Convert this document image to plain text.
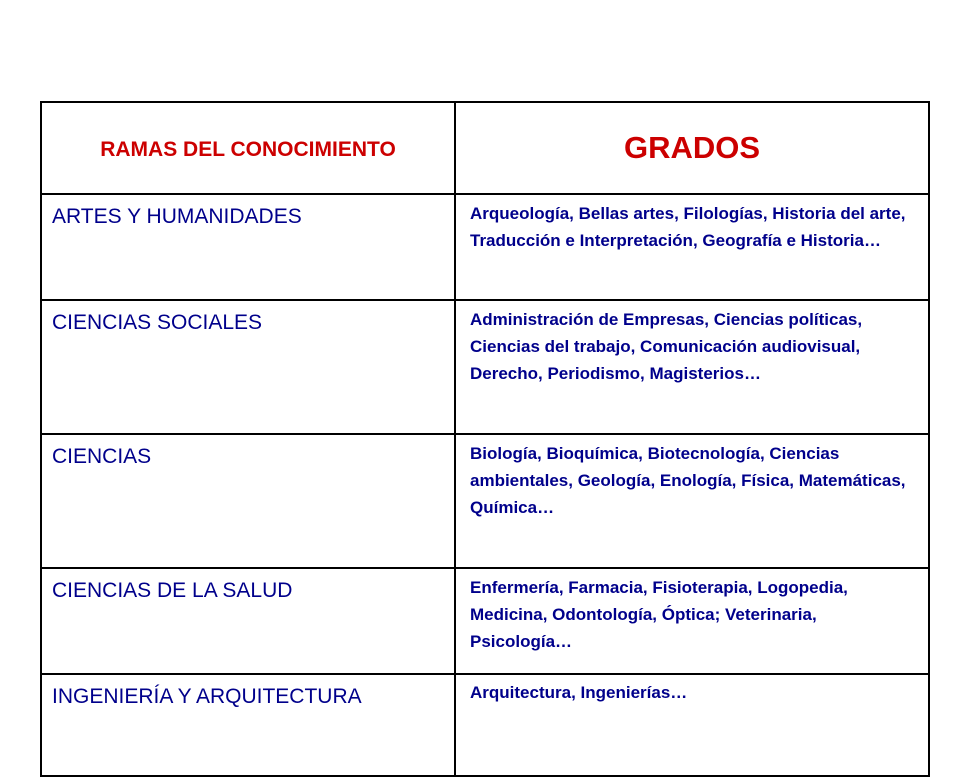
RAMAS DEL CONOCIMIENTO	GRADOS
ARTES Y HUMANIDADES	Arqueología, Bellas artes, Filologías, Historia del arte, Traducción e Interpretación, Geografía e Historia…
CIENCIAS SOCIALES	Administración de Empresas, Ciencias políticas, Ciencias del trabajo, Comunicación audiovisual, Derecho, Periodismo, Magisterios…
CIENCIAS	Biología, Bioquímica, Biotecnología, Ciencias ambientales, Geología, Enología, Física, Matemáticas, Química…
CIENCIAS DE LA SALUD	Enfermería, Farmacia, Fisioterapia, Logopedia, Medicina, Odontología, Óptica; Veterinaria, Psicología…
INGENIERÍA Y ARQUITECTURA	Arquitectura, Ingenierías…
